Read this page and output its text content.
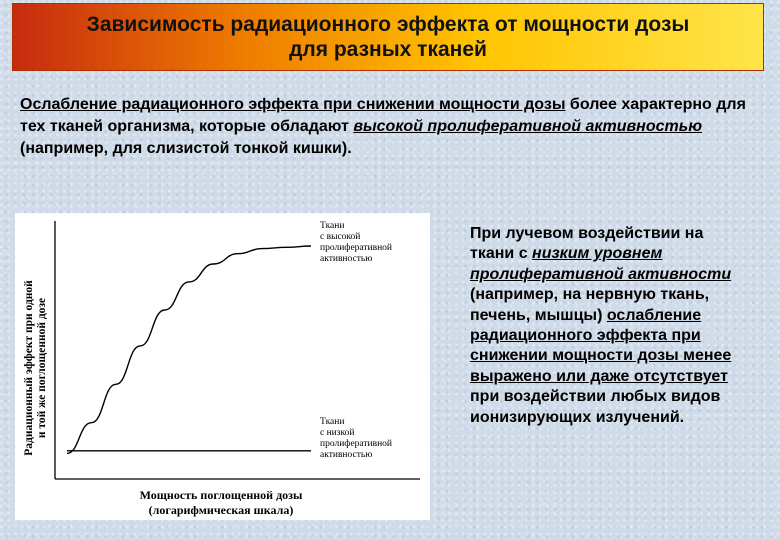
Зависимость радиационного эффекта от мощности дозы
для разных тканей
Ослабление радиационного эффекта при снижении мощности дозы более характерно для тех тканей организма, которые обладают высокой пролиферативной активностью (например, для слизистой тонкой кишки).
Радиационный эффект при одной и той же поглощенной дозе
Мощность поглощенной дозы
(логарифмическая шкала)
Ткани
с высокой
пролиферативной
активностью
Ткани
с низкой
пролиферативной
активностью
При лучевом воздействии на ткани с низким уровнем пролиферативной активности (например, на нервную ткань, печень, мышцы) ослабление радиационного эффекта при снижении мощности дозы менее выражено или даже отсутствует при воздействии любых видов ионизирующих излучений.
